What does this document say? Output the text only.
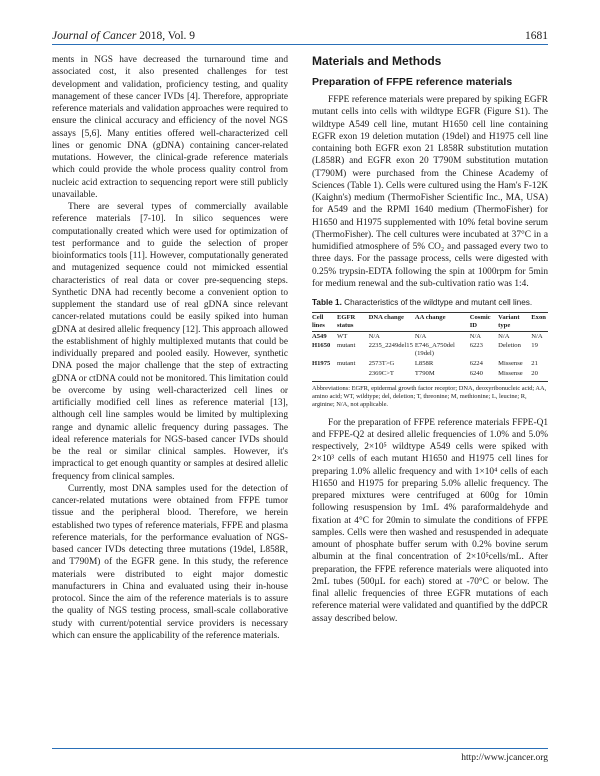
Journal of Cancer 2018, Vol. 9	1681

ments in NGS have decreased the turnaround time and associated cost, it also presented challenges for test development and validation, proficiency testing, and quality management of these cancer IVDs [4]. Therefore, appropriate reference materials and validation approaches were required to ensure the clinical accuracy and efficiency of the novel NGS assays [5,6]. Many entities offered well-characterized cell lines or genomic DNA (gDNA) containing cancer-related mutations. However, the clinical-grade reference materials which could provide the whole process quality control from nucleic acid extraction to sequencing report were still publicly unavailable.

There are several types of commercially available reference materials [7-10]. In silico sequences were computationally created which were used for optimization of test performance and to guide the selection of proper bioinformatics tools [11]. However, computationally generated and mutagenized sequence could not mimicked essential characteristics of real data or cover pre-sequencing steps. Synthetic DNA had recently become a convenient option to supplement the standard use of real gDNA since relevant cancer-related mutations could be easily spiked into human gDNA at desired allelic frequency [12]. This approach allowed the establishment of highly multiplexed mutants that could be individually prepared and pooled easily. However, synthetic DNA posed the major challenge that the step of extracting gDNA or ctDNA could not be monitored. This limitation could be overcome by using well-characterized cell lines or artificially modified cell lines as reference material [13], although cell line samples would be limited by multiplexing range and dynamic allelic frequency during passages. The ideal reference materials for NGS-based cancer IVDs should be the real or similar clinical samples. However, it's impractical to get enough quantity or samples at desired allelic frequency from clinical samples.

Currently, most DNA samples used for the detection of cancer-related mutations were obtained from FFPE tumor tissue and the peripheral blood. Therefore, we herein established two types of reference materials, FFPE and plasma reference materials, for the performance evaluation of NGS-based cancer IVDs detecting three mutations (19del, L858R, and T790M) of the EGFR gene. In this study, the reference materials were distributed to eight major domestic manufacturers in China and evaluated using their in-house protocol. Since the aim of the reference materials is to assure the quality of NGS testing process, small-scale collaborative study with current/potential service providers is necessary which can ensure the applicability of the reference materials.

Materials and Methods
Preparation of FFPE reference materials

FFPE reference materials were prepared by spiking EGFR mutant cells into cells with wildtype EGFR (Figure S1). The wildtype A549 cell line, mutant H1650 cell line containing EGFR exon 19 deletion mutation (19del) and H1975 cell line containing both EGFR exon 21 L858R substitution mutation (L858R) and EGFR exon 20 T790M substitution mutation (T790M) were purchased from the Chinese Academy of Sciences (Table 1). Cells were cultured using the Ham's F-12K (Kaighn's) medium (ThermoFisher Scientific Inc., MA, USA) for A549 and the RPMI 1640 medium (ThermoFisher) for H1650 and H1975 supplemented with 10% fetal bovine serum (ThermoFisher). The cell cultures were incubated at 37°C in a humidified atmosphere of 5% CO₂ and passaged every two to three days. For the passage process, cells were digested with 0.25% trypsin-EDTA following the spin at 1000rpm for 5min for medium renewal and the sub-cultivation ratio was 1:4.

Table 1. Characteristics of the wildtype and mutant cell lines.
Cell lines	EGFR status	DNA change	AA change	Cosmic ID	Variant type	Exon
A549	WT	N/A	N/A	N/A	N/A	N/A
H1650	mutant	2235_2249del15	E746_A750del (19del)	6223	Deletion	19
H1975	mutant	2573T>G	L858R	6224	Missense	21
		2369C>T	T790M	6240	Missense	20
Abbreviations: EGFR, epidermal growth factor receptor; DNA, deoxyribonucleic acid; AA, amino acid; WT, wildtype; del, deletion; T, threonine; M, methionine; L, leucine; R, arginine; N/A, not applicable.

For the preparation of FFPE reference materials FFPE-Q1 and FFPE-Q2 at desired allelic frequencies of 1.0% and 5.0% respectively, 2×10⁵ wildtype A549 cells were spiked with 2×10³ cells of each mutant H1650 and H1975 cell lines for preparing 1.0% allelic frequency and with 1×10⁴ cells of each H1650 and H1975 for preparing 5.0% allelic frequency. The prepared mixtures were centrifuged at 600g for 10min following resuspension by 1mL 4% paraformaldehyde and fixation at 4°C for 20min to simulate the conditions of FFPE samples. Cells were then washed and resuspended in adequate amount of phosphate buffer serum with 0.2% bovine serum albumin at the final concentration of 2×10⁵cells/mL. After preparation, the FFPE reference materials were aliquoted into 2mL tubes (500µL for each) stored at -70°C or below. The final allelic frequencies of three EGFR mutations of each reference material were validated and quantified by the ddPCR assay described below.

http://www.jcancer.org
